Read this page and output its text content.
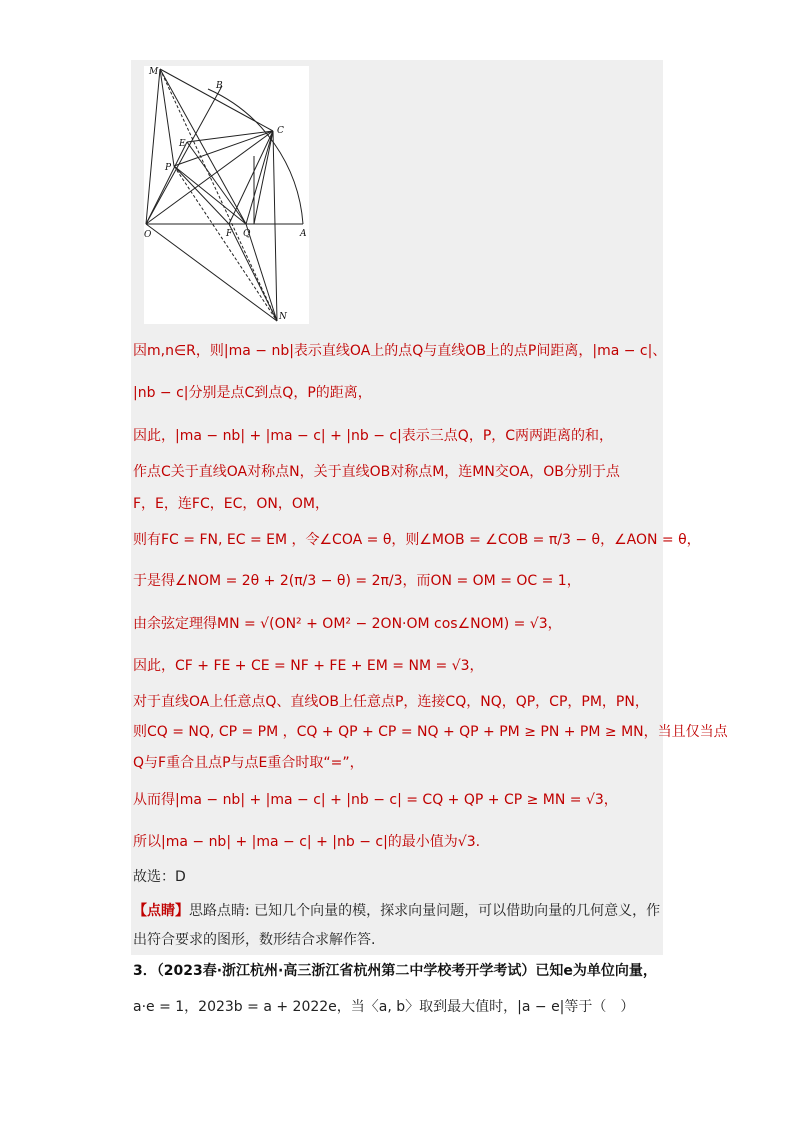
M
B
C
E
P
O	F Q	A
N
因m,n∈R，则|ma − nb|表示直线OA上的点Q与直线OB上的点P间距离，|ma − c|、
|nb − c|分别是点C到点Q，P的距离，
因此，|ma − nb| + |ma − c| + |nb − c|表示三点Q，P，C两两距离的和，
作点C关于直线OA对称点N，关于直线OB对称点M，连MN交OA，OB分别于点
F，E，连FC，EC，ON，OM，
则有FC = FN, EC = EM ，令∠COA = θ，则∠MOB = ∠COB = π/3 − θ，∠AON = θ，
于是得∠NOM = 2θ + 2(π/3 − θ) = 2π/3，而ON = OM = OC = 1，
由余弦定理得MN = √(ON² + OM² − 2ON·OM cos∠NOM) = √3，
因此，CF + FE + CE = NF + FE + EM = NM = √3，
对于直线OA上任意点Q、直线OB上任意点P，连接CQ，NQ，QP，CP，PM，PN，
则CQ = NQ, CP = PM ，CQ + QP + CP = NQ + QP + PM ≥ PN + PM ≥ MN，当且仅当点
Q与F重合且点P与点E重合时取“=”，
从而得|ma − nb| + |ma − c| + |nb − c| = CQ + QP + CP ≥ MN = √3，
所以|ma − nb| + |ma − c| + |nb − c|的最小值为√3.
故选：D
【点睛】思路点睛: 已知几个向量的模，探求向量问题，可以借助向量的几何意义，作
出符合要求的图形，数形结合求解作答.
3．（2023春·浙江杭州·高三浙江省杭州第二中学校考开学考试）已知e为单位向量，
a·e = 1，2023b = a + 2022e，当〈a, b〉取到最大值时，|a − e|等于（　）
